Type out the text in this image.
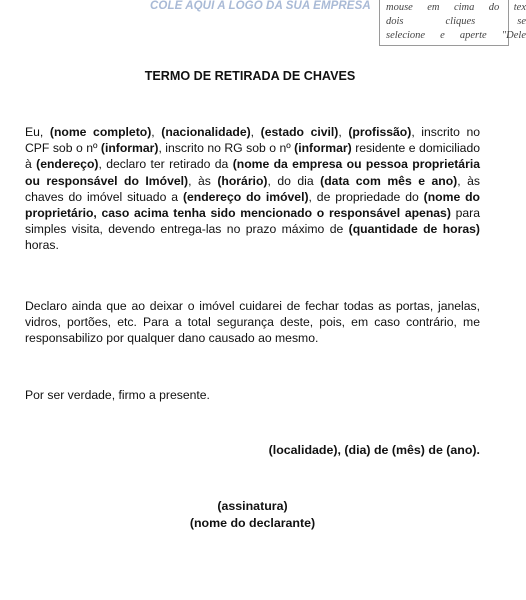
COLE AQUI A LOGO DA SUA EMPRESA mouse em cima do tex
dois cliques se
selecione e aperte "Dele
TERMO DE RETIRADA DE CHAVES

Eu, (nome completo), (nacionalidade), (estado civil), (profissão), inscrito no CPF sob o nº (informar), inscrito no RG sob o nº (informar) residente e domiciliado à (endereço), declaro ter retirado da (nome da empresa ou pessoa proprietária ou responsável do Imóvel), às (horário), do dia (data com mês e ano), às chaves do imóvel situado a (endereço do imóvel), de propriedade do (nome do proprietário, caso acima tenha sido mencionado o responsável apenas) para simples visita, devendo entrega-las no prazo máximo de (quantidade de horas) horas.

Declaro ainda que ao deixar o imóvel cuidarei de fechar todas as portas, janelas, vidros, portões, etc. Para a total segurança deste, pois, em caso contrário, me responsabilizo por qualquer dano causado ao mesmo.

Por ser verdade, firmo a presente.

(localidade), (dia) de (mês) de (ano).
(assinatura)
(nome do declarante)
